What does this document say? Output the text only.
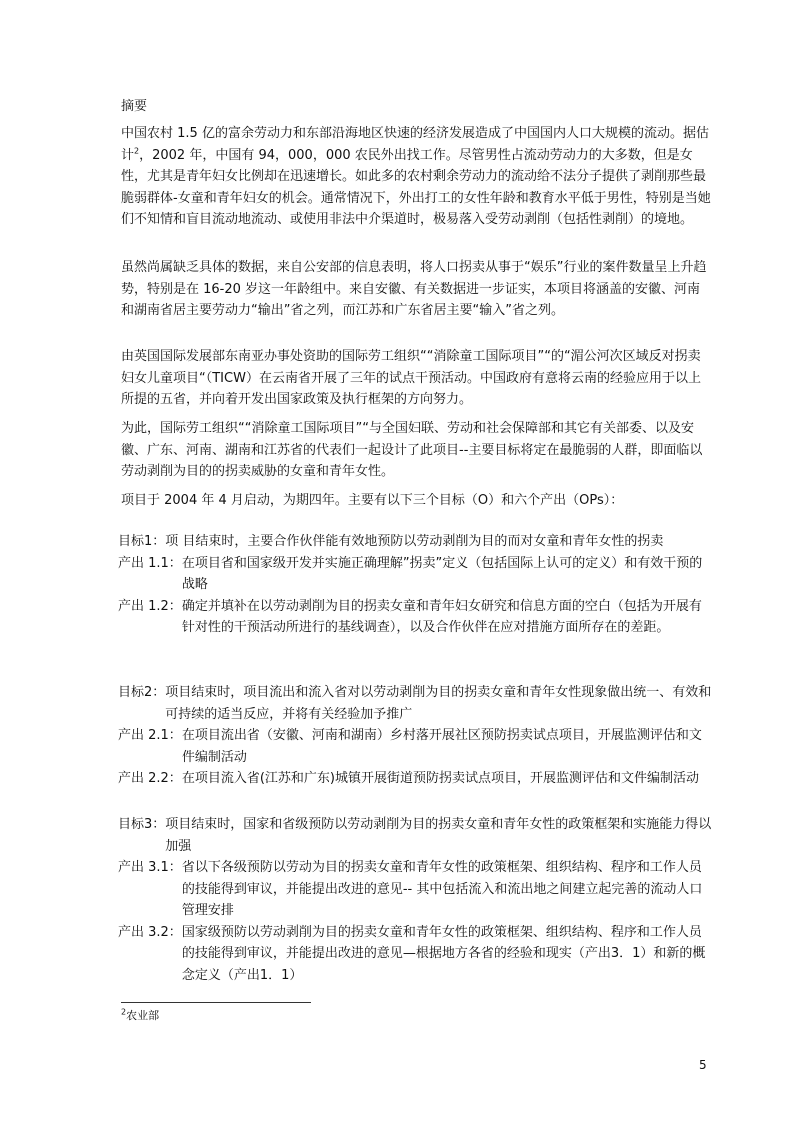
摘要

中国农村 1.5 亿的富余劳动力和东部沿海地区快速的经济发展造成了中国国内人口大规模的流动。据估计$^2$，2002 年，中国有 94，000，000 农民外出找工作。尽管男性占流动劳动力的大多数，但是女性，尤其是青年妇女比例却在迅速增长。如此多的农村剩余劳动力的流动给不法分子提供了剥削那些最脆弱群体-女童和青年妇女的机会。通常情况下，外出打工的女性年龄和教育水平低于男性，特别是当她们不知情和盲目流动地流动、或使用非法中介渠道时，极易落入受劳动剥削（包括性剥削）的境地。

虽然尚属缺乏具体的数据，来自公安部的信息表明，将人口拐卖从事于“娱乐”行业的案件数量呈上升趋势，特别是在 16-20 岁这一年龄组中。来自安徽、有关数据进一步证实，本项目将涵盖的安徽、河南和湖南省居主要劳动力“输出”省之列，而江苏和广东省居主要“输入”省之列。

由英国国际发展部东南亚办事处资助的国际劳工组织““消除童工国际项目”“的“湄公河次区域反对拐卖妇女儿童项目“（TICW）在云南省开展了三年的试点干预活动。中国政府有意将云南的经验应用于以上所提的五省，并向着开发出国家政策及执行框架的方向努力。

为此，国际劳工组织““消除童工国际项目”“与全国妇联、劳动和社会保障部和其它有关部委、以及安徽、广东、河南、湖南和江苏省的代表们一起设计了此项目--主要目标将定在最脆弱的人群，即面临以劳动剥削为目的的拐卖威胁的女童和青年女性。

项目于 2004 年 4 月启动，为期四年。主要有以下三个目标（O）和六个产出（OPs）：

目标1： 项 目结束时，主要合作伙伴能有效地预防以劳动剥削为目的而对女童和青年女性的拐卖
产出 1.1： 在项目省和国家级开发并实施正确理解”拐卖”定义（包括国际上认可的定义）和有效干预的战略
产出 1.2： 确定并填补在以劳动剥削为目的拐卖女童和青年妇女研究和信息方面的空白（包括为开展有针对性的干预活动所进行的基线调查），以及合作伙伴在应对措施方面所存在的差距。
目标2： 项目结束时，项目流出和流入省对以劳动剥削为目的拐卖女童和青年女性现象做出统一、有效和可持续的适当反应，并将有关经验加予推广
产出 2.1： 在项目流出省（安徽、河南和湖南）乡村落开展社区预防拐卖试点项目，开展监测评估和文件编制活动
产出 2.2： 在项目流入省(江苏和广东)城镇开展街道预防拐卖试点项目，开展监测评估和文件编制活动
目标3： 项目结束时，国家和省级预防以劳动剥削为目的拐卖女童和青年女性的政策框架和实施能力得以加强
产出 3.1： 省以下各级预防以劳动为目的拐卖女童和青年女性的政策框架、组织结构、程序和工作人员的技能得到审议，并能提出改进的意见-- 其中包括流入和流出地之间建立起完善的流动人口管理安排
产出 3.2： 国家级预防以劳动剥削为目的拐卖女童和青年女性的政策框架、组织结构、程序和工作人员的技能得到审议，并能提出改进的意见—根据地方各省的经验和现实（产出3．1）和新的概念定义（产出1．1）
$^2$农业部
5
